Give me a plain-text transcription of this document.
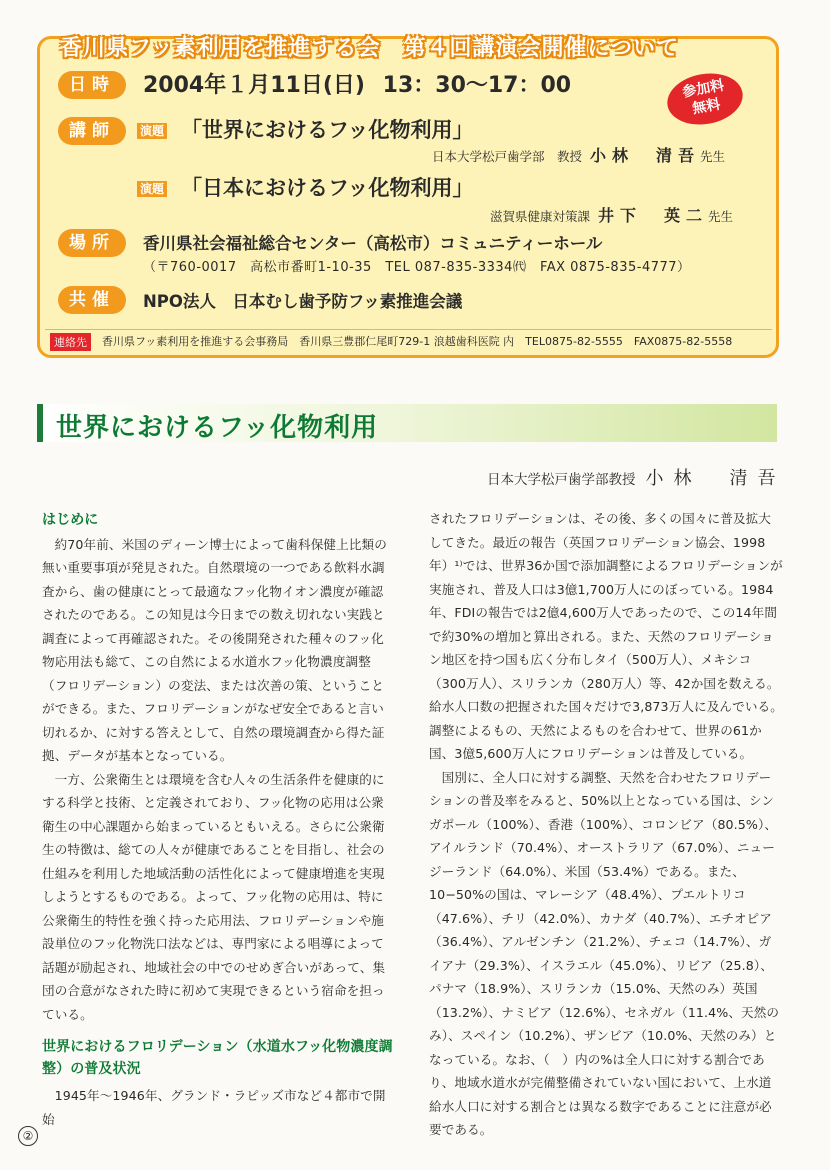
香川県フッ素利用を推進する会　第４回講演会開催について
日時	2004年１月11日(日) 13：30〜17：00	参加料
無料
講師	演題 「世界におけるフッ化物利用」
日本大学松戸歯学部　教授 小林　清吾先生
演題 「日本におけるフッ化物利用」
滋賀県健康対策課 井下　英二先生
場所	香川県社会福祉総合センター（高松市）コミュニティーホール
（〒760-0017　高松市番町1-10-35　TEL 087-835-3334㈹　FAX 0875-835-4777）
共催	NPO法人　日本むし歯予防フッ素推進会議
連絡先	香川県フッ素利用を推進する会事務局　香川県三豊郡仁尾町729-1 浪越歯科医院 内　TEL0875-82-5555　FAX0875-82-5558
世界におけるフッ化物利用
日本大学松戸歯学部教授 小林　清吾

はじめに

約70年前、米国のディーン博士によって歯科保健上比類の無い重要事項が発見された。自然環境の一つである飲料水調査から、歯の健康にとって最適なフッ化物イオン濃度が確認されたのである。この知見は今日までの数え切れない実践と調査によって再確認された。その後開発された種々のフッ化物応用法も総て、この自然による水道水フッ化物濃度調整（フロリデーション）の変法、または次善の策、ということができる。また、フロリデーションがなぜ安全であると言い切れるか、に対する答えとして、自然の環境調査から得た証拠、データが基本となっている。

一方、公衆衛生とは環境を含む人々の生活条件を健康的にする科学と技術、と定義されており、フッ化物の応用は公衆衛生の中心課題から始まっているともいえる。さらに公衆衛生の特徴は、総ての人々が健康であることを目指し、社会の仕組みを利用した地域活動の活性化によって健康増進を実現しようとするものである。よって、フッ化物の応用は、特に公衆衛生的特性を強く持った応用法、フロリデーションや施設単位のフッ化物洗口法などは、専門家による唱導によって話題が励起され、地域社会の中でのせめぎ合いがあって、集団の合意がなされた時に初めて実現できるという宿命を担っている。

世界におけるフロリデーション（水道水フッ化物濃度調整）の普及状況

1945年〜1946年、グランド・ラピッズ市など４都市で開始

されたフロリデーションは、その後、多くの国々に普及拡大してきた。最近の報告（英国フロリデーション協会、1998年）¹⁾では、世界36か国で添加調整によるフロリデーションが実施され、普及人口は3億1,700万人にのぼっている。1984年、FDIの報告では2億4,600万人であったので、この14年間で約30%の増加と算出される。また、天然のフロリデーション地区を持つ国も広く分布しタイ（500万人）、メキシコ（300万人）、スリランカ（280万人）等、42か国を数える。給水人口数の把握された国々だけで3,873万人に及んでいる。調整によるもの、天然によるものを合わせて、世界の61か国、3億5,600万人にフロリデーションは普及している。

国別に、全人口に対する調整、天然を合わせたフロリデーションの普及率をみると、50%以上となっている国は、シンガポール（100%）、香港（100%）、コロンビア（80.5%）、アイルランド（70.4%）、オーストラリア（67.0%）、ニュージーランド（64.0%）、米国（53.4%）である。また、10−50%の国は、マレーシア（48.4%）、プエルトリコ（47.6%）、チリ（42.0%）、カナダ（40.7%）、エチオピア（36.4%）、アルゼンチン（21.2%）、チェコ（14.7%）、ガイアナ（29.3%）、イスラエル（45.0%）、リビア（25.8）、パナマ（18.9%）、スリランカ（15.0%、天然のみ）英国（13.2%）、ナミビア（12.6%）、セネガル（11.4%、天然のみ）、スペイン（10.2%）、ザンビア（10.0%、天然のみ）となっている。なお、（　）内の%は全人口に対する割合であり、地域水道水が完備整備されていない国において、上水道給水人口に対する割合とは異なる数字であることに注意が必要である。

②
